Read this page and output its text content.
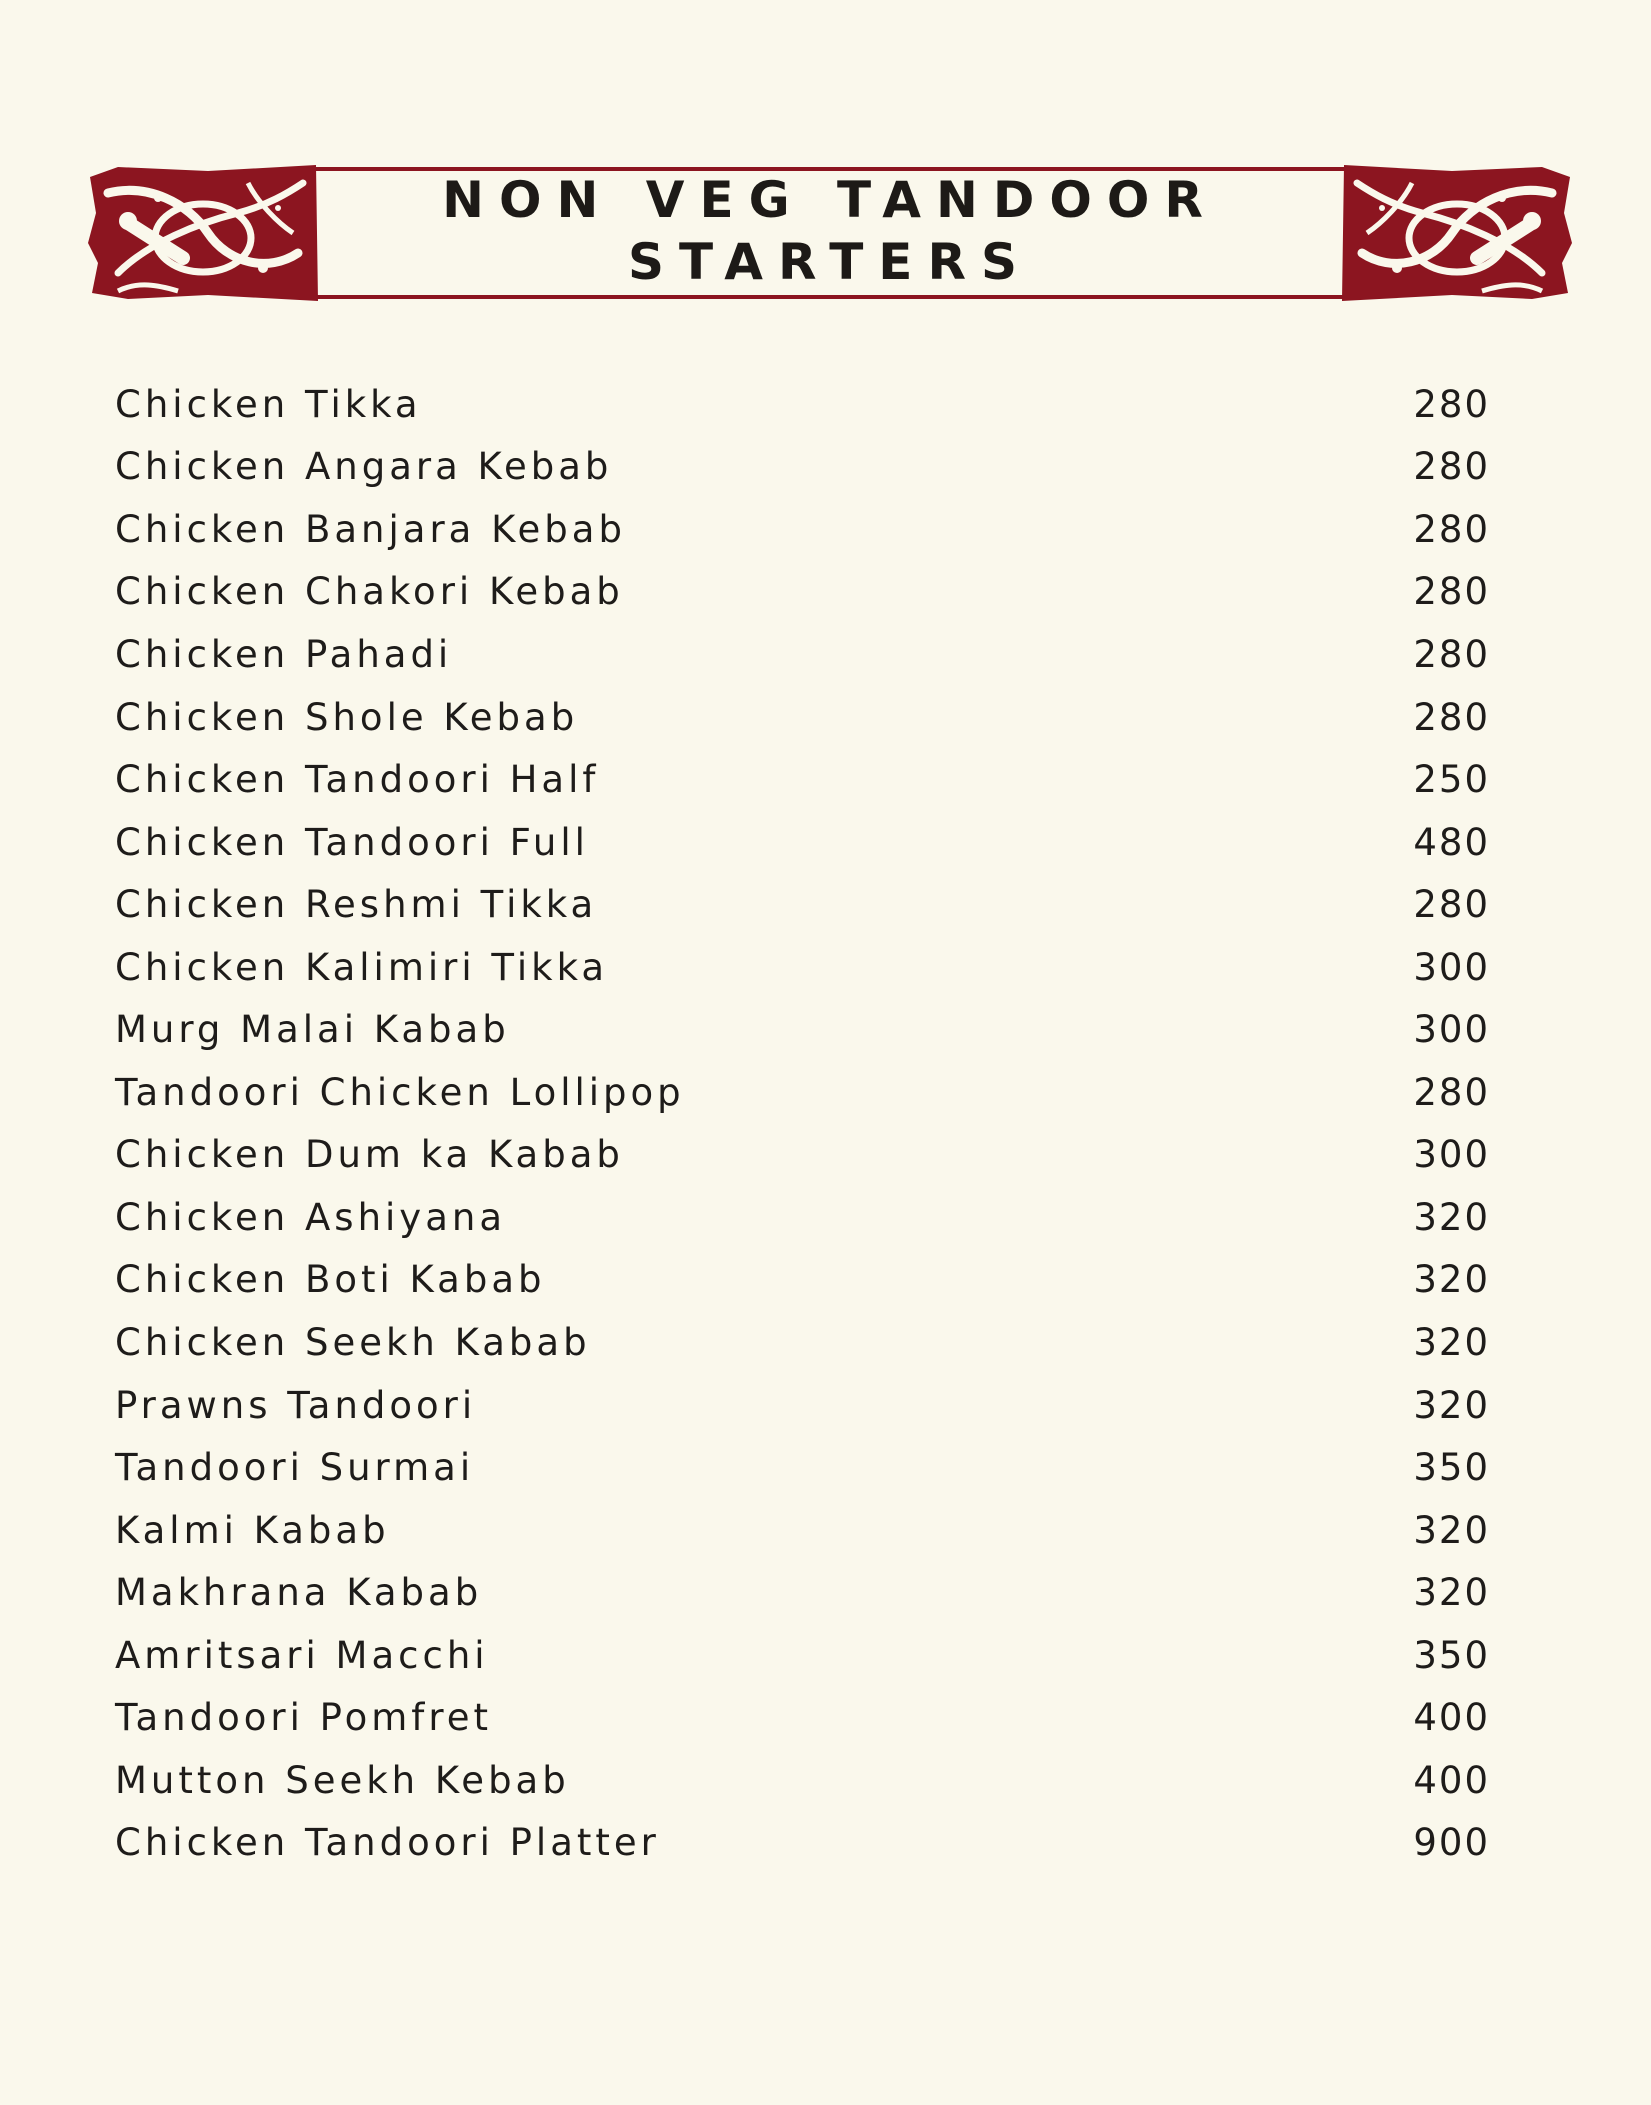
NON VEG TANDOOR
STARTERS
Chicken Tikka	280
Chicken Angara Kebab	280
Chicken Banjara Kebab	280
Chicken Chakori Kebab	280
Chicken Pahadi	280
Chicken Shole Kebab	280
Chicken Tandoori Half	250
Chicken Tandoori Full	480
Chicken Reshmi Tikka	280
Chicken Kalimiri Tikka	300
Murg Malai Kabab	300
Tandoori Chicken Lollipop	280
Chicken Dum ka Kabab	300
Chicken Ashiyana	320
Chicken Boti Kabab	320
Chicken Seekh Kabab	320
Prawns Tandoori	320
Tandoori Surmai	350
Kalmi Kabab	320
Makhrana Kabab	320
Amritsari Macchi	350
Tandoori Pomfret	400
Mutton Seekh Kebab	400
Chicken Tandoori Platter	900
